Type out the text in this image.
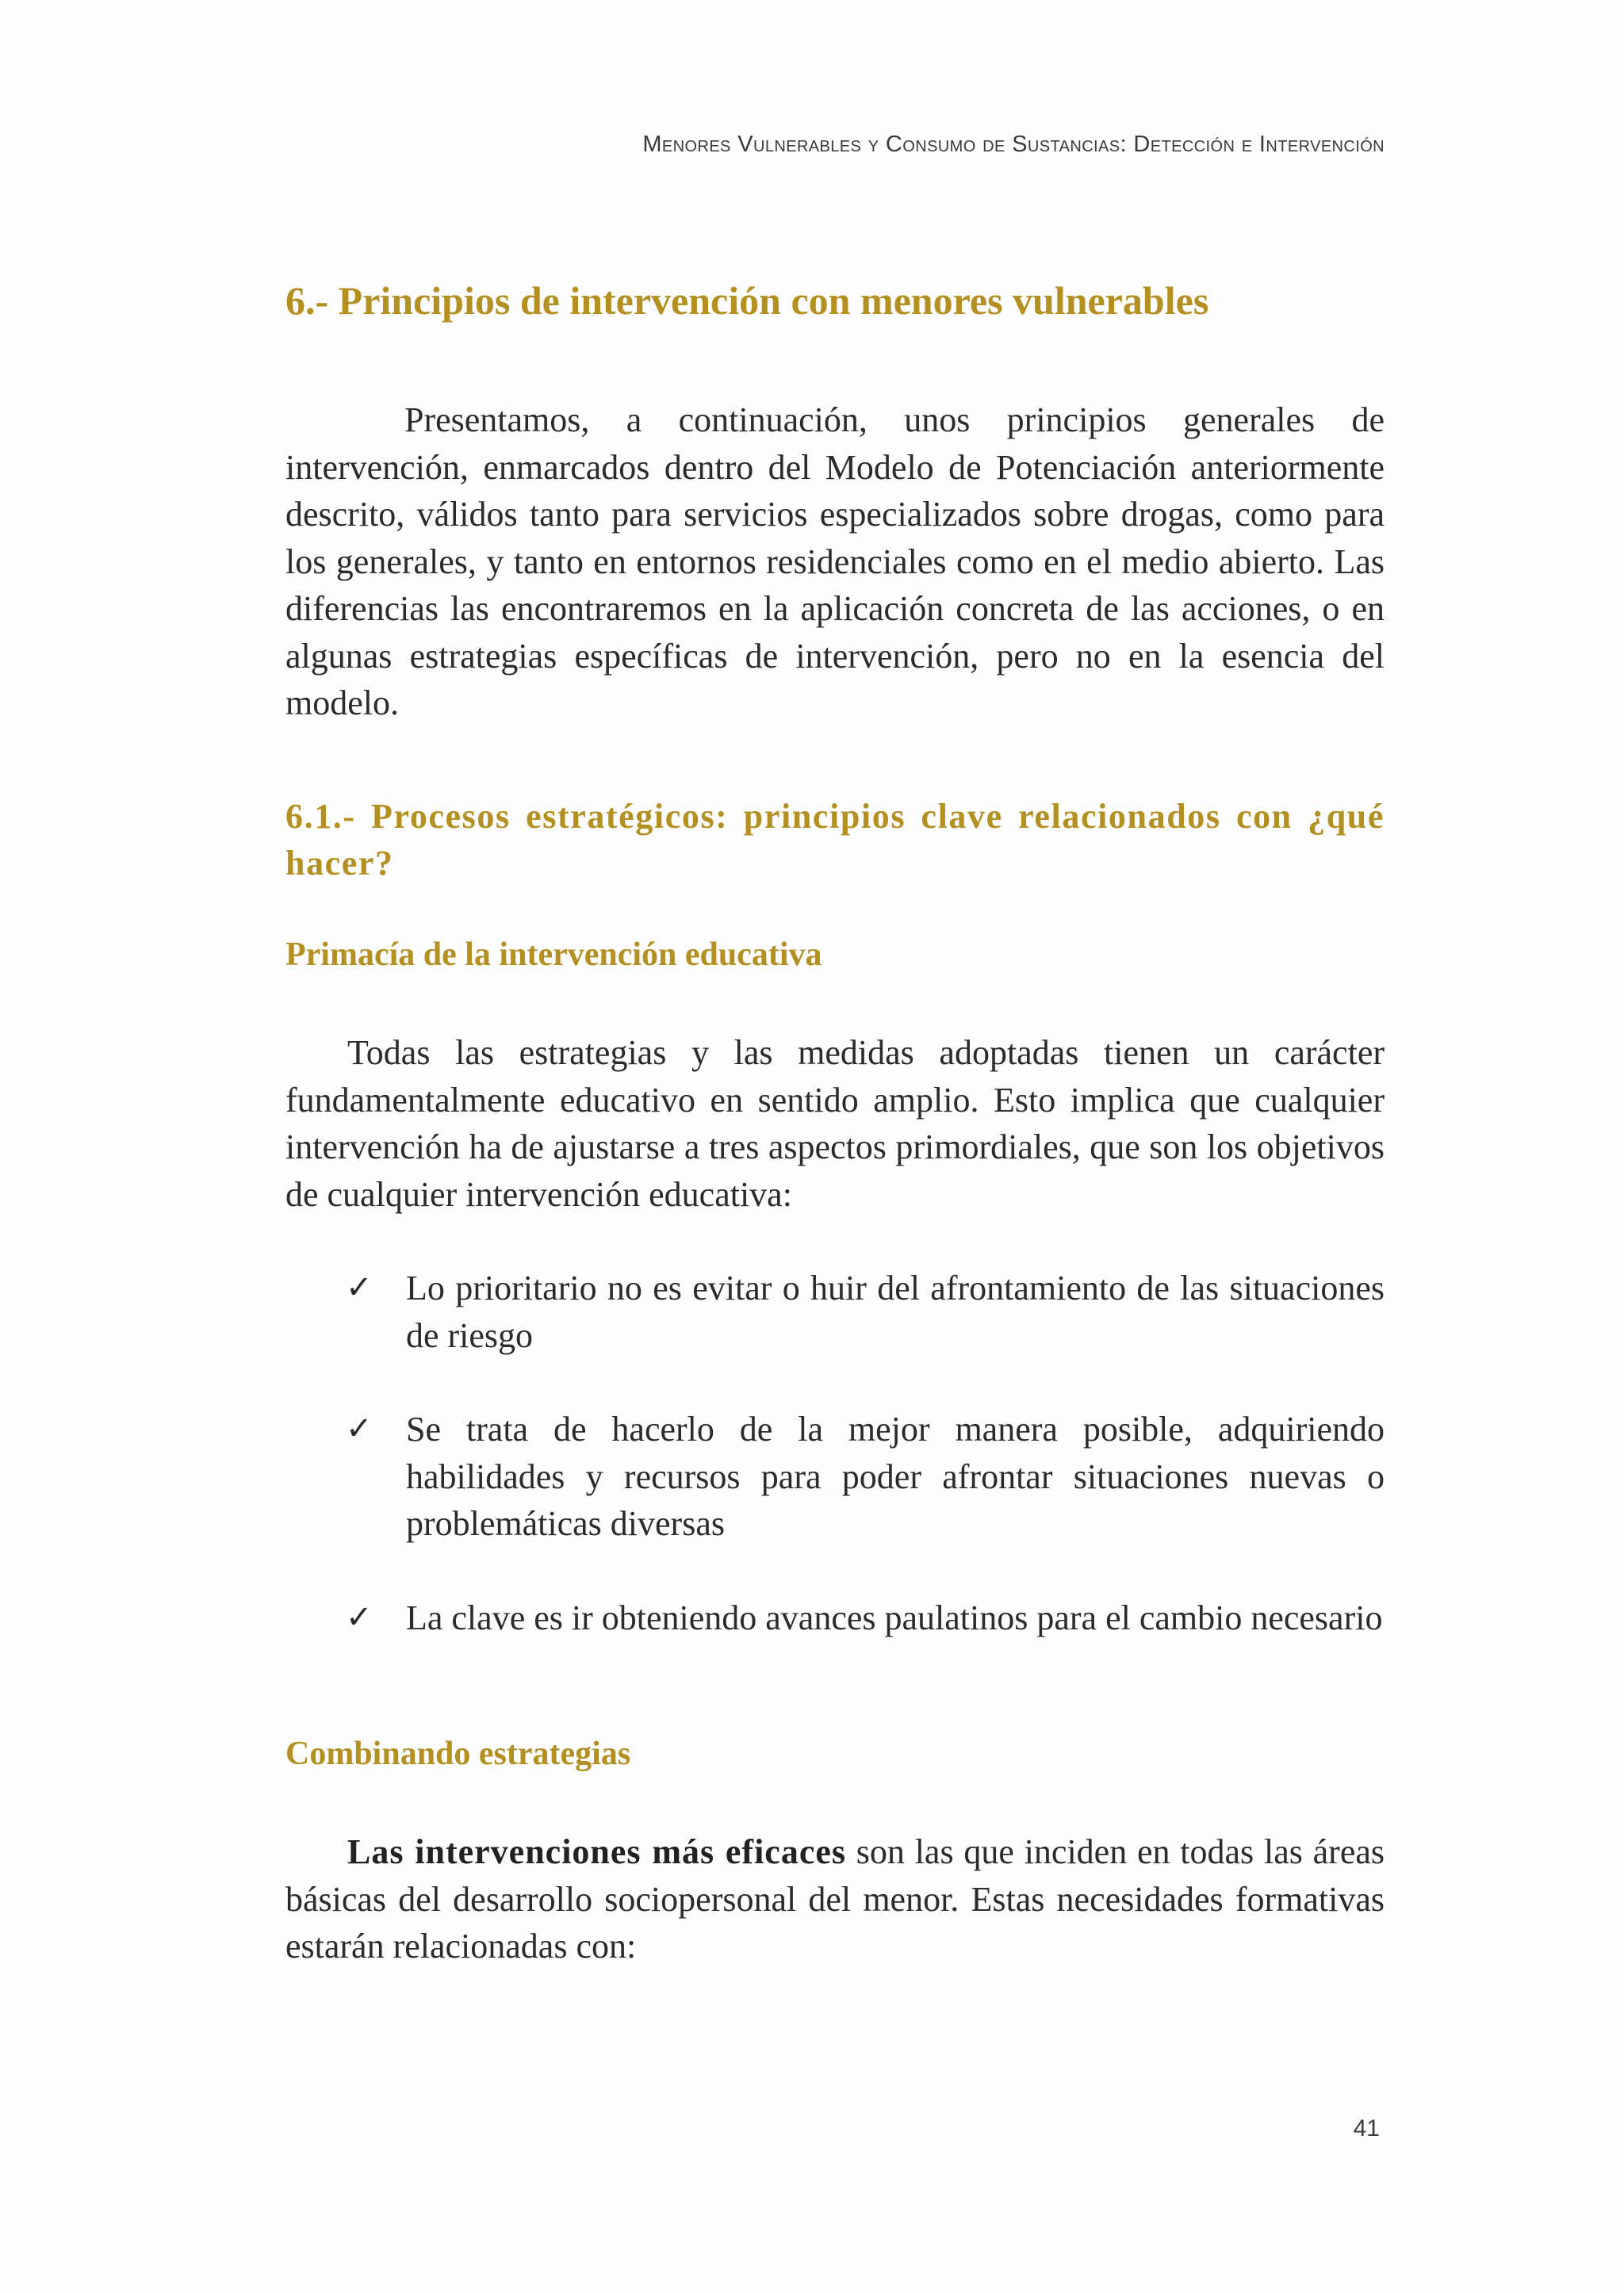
Menores Vulnerables y Consumo de Sustancias: Detección e Intervención
6.- Principios de intervención con menores vulnerables

Presentamos, a continuación, unos principios generales de intervención, enmarcados dentro del Modelo de Potenciación anteriormente descrito, válidos tanto para servicios especializados sobre drogas, como para los generales, y tanto en entornos residenciales como en el medio abierto. Las diferencias las encontraremos en la aplicación concreta de las acciones, o en algunas estrategias específicas de intervención, pero no en la esencia del modelo.

6.1.- Procesos estratégicos: principios clave relacionados con ¿qué hacer?
Primacía de la intervención educativa

Todas las estrategias y las medidas adoptadas tienen un carácter fundamentalmente educativo en sentido amplio. Esto implica que cualquier intervención ha de ajustarse a tres aspectos primordiales, que son los objetivos de cualquier intervención educativa:

✓ Lo prioritario no es evitar o huir del afrontamiento de las situaciones de riesgo

✓ Se trata de hacerlo de la mejor manera posible, adquiriendo habilidades y recursos para poder afrontar situaciones nuevas o problemáticas diversas

✓ La clave es ir obteniendo avances paulatinos para el cambio necesario

Combinando estrategias

Las intervenciones más eficaces son las que inciden en todas las áreas básicas del desarrollo sociopersonal del menor. Estas necesidades formativas estarán relacionadas con:

41
